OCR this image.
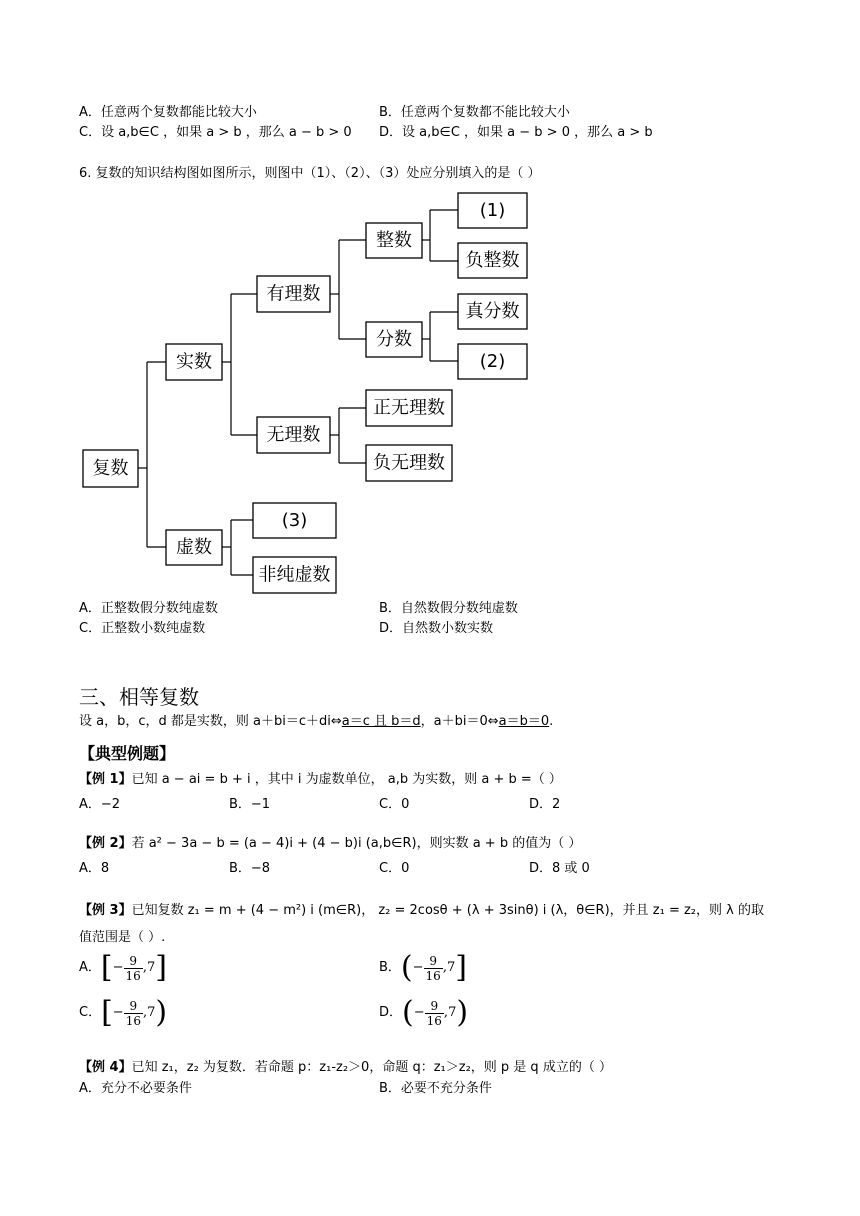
A．任意两个复数都能比较大小	B．任意两个复数都不能比较大小
C．设 a,b∈C ，如果 a > b ，那么 a − b > 0 D．设 a,b∈C ，如果 a − b > 0 ，那么 a > b
6. 复数的知识结构图如图所示，则图中（1）、（2）、（3）处应分别填入的是（ ）
复数
实数
虚数
有理数
无理数
整数
分数
(1)
负整数
真分数
(2)
正无理数
负无理数
(3)
非纯虚数
A．正整数假分数纯虚数	B．自然数假分数纯虚数
C．正整数小数纯虚数	D．自然数小数实数
三、相等复数
设 a，b，c，d 都是实数，则 a＋bi＝c＋di⇔a＝c 且 b＝d，a＋bi＝0⇔a＝b＝0.
【典型例题】
【例 1】已知 a − ai = b + i ，其中 i 为虚数单位， a,b 为实数，则 a + b =（ ）
A．−2	B．−1	C．0	D．2
【例 2】若 a² − 3a − b = (a − 4)i + (4 − b)i (a,b∈R)，则实数 a + b 的值为（ ）
A．8	B．−8	C．0	D．8 或 0
【例 3】已知复数 z₁ = m + (4 − m²) i (m∈R)， z₂ = 2cosθ + (λ + 3sinθ) i (λ，θ∈R)，并且 z₁ = z₂，则 λ 的取
值范围是（ ）.
A．[− $\frac{9}{16} ,7$]	B．(− $\frac{9}{16} ,7$]
C．[− $\frac{9}{16} ,7$)	D．(− $\frac{9}{16} ,7$)
【例 4】已知 z₁，z₂ 为复数．若命题 p：z₁-z₂＞0，命题 q：z₁＞z₂，则 p 是 q 成立的（ ）
A．充分不必要条件	B．必要不充分条件
